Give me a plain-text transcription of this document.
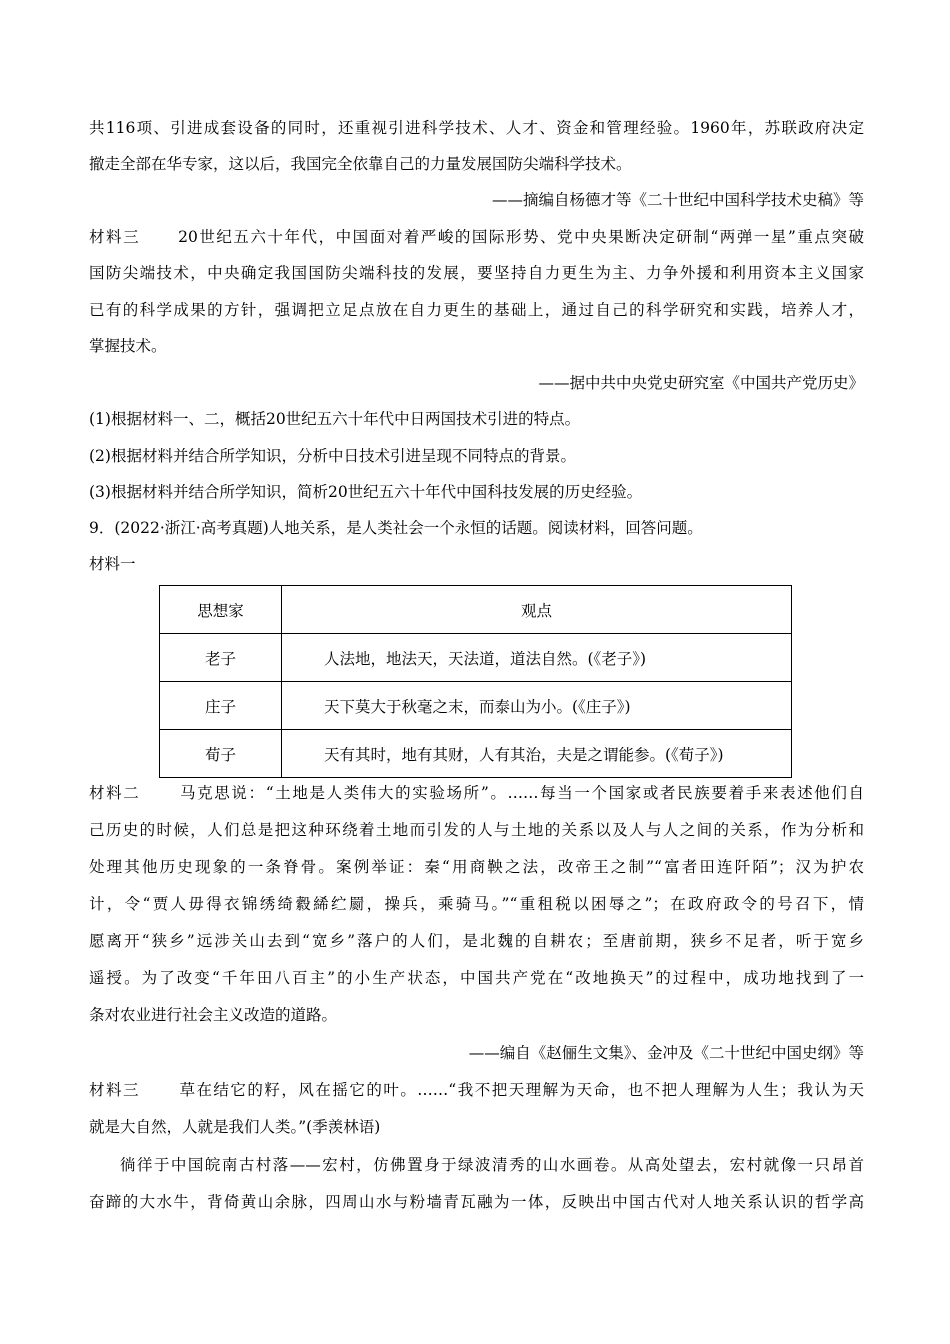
共116项、引进成套设备的同时，还重视引进科学技术、人才、资金和管理经验。1960年，苏联政府决定
撤走全部在华专家，这以后，我国完全依靠自己的力量发展国防尖端科学技术。
——摘编自杨德才等《二十世纪中国科学技术史稿》等
材料三 20世纪五六十年代，中国面对着严峻的国际形势、党中央果断决定研制“两弹一星”重点突破
国防尖端技术，中央确定我国国防尖端科技的发展，要坚持自力更生为主、力争外援和利用资本主义国家
已有的科学成果的方针，强调把立足点放在自力更生的基础上，通过自己的科学研究和实践，培养人才，
掌握技术。
——据中共中央党史研究室《中国共产党历史》
(1)根据材料一、二，概括20世纪五六十年代中日两国技术引进的特点。
(2)根据材料并结合所学知识，分析中日技术引进呈现不同特点的背景。
(3)根据材料并结合所学知识，简析20世纪五六十年代中国科技发展的历史经验。
9．(2022·浙江·高考真题)人地关系，是人类社会一个永恒的话题。阅读材料，回答问题。
材料一
思想家	观点
老子	人法地，地法天，天法道，道法自然。(《老子》)
庄子	天下莫大于秋毫之末，而泰山为小。(《庄子》)
荀子	天有其时，地有其财，人有其治，夫是之谓能参。(《荀子》)
材料二 马克思说：“土地是人类伟大的实验场所”。……每当一个国家或者民族要着手来表述他们自
己历史的时候，人们总是把这种环绕着土地而引发的人与土地的关系以及人与人之间的关系，作为分析和
处理其他历史现象的一条脊骨。案例举证：秦“用商鞅之法，改帝王之制”“富者田连阡陌”；汉为护农
计，令“贾人毋得衣锦绣绮縠絺纻罽，操兵，乘骑马。”“重租税以困辱之”；在政府政令的号召下，情
愿离开“狭乡”远涉关山去到“宽乡”落户的人们，是北魏的自耕农；至唐前期，狭乡不足者，听于宽乡
遥授。为了改变“千年田八百主”的小生产状态，中国共产党在“改地换天”的过程中，成功地找到了一
条对农业进行社会主义改造的道路。
——编自《赵俪生文集》、金冲及《二十世纪中国史纲》等
材料三 草在结它的籽，风在摇它的叶。……“我不把天理解为天命，也不把人理解为人生；我认为天
就是大自然，人就是我们人类。”(季羡林语)
徜徉于中国皖南古村落——宏村，仿佛置身于绿波清秀的山水画卷。从高处望去，宏村就像一只昂首
奋蹄的大水牛，背倚黄山余脉，四周山水与粉墙青瓦融为一体，反映出中国古代对人地关系认识的哲学高
